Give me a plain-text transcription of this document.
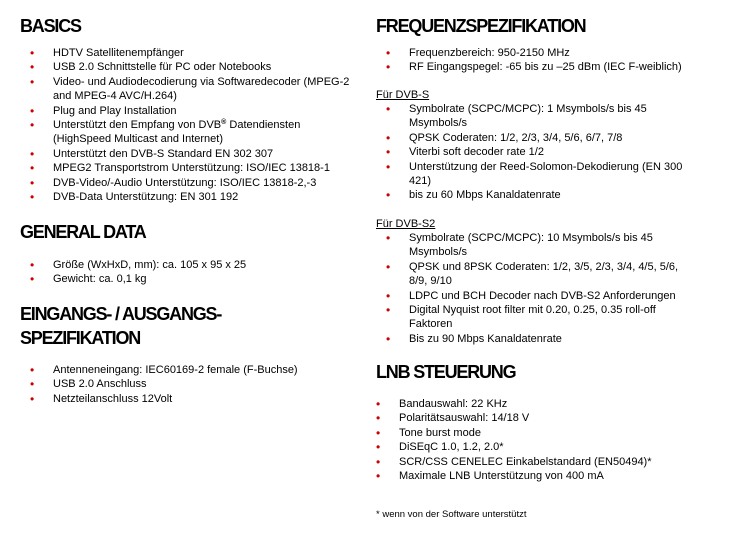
BASICS
• HDTV Satellitenempfänger
• USB 2.0 Schnittstelle für PC oder Notebooks
• Video- und Audiodecodierung via Softwaredecoder (MPEG-2 and MPEG-4 AVC/H.264)
• Plug and Play Installation
• Unterstützt den Empfang von DVB® Datendiensten
(HighSpeed Multicast and Internet)
• Unterstützt den DVB-S Standard EN 302 307
• MPEG2 Transportstrom Unterstützung: ISO/IEC 13818-1
• DVB-Video/-Audio Unterstützung: ISO/IEC 13818-2,-3
• DVB-Data Unterstützung: EN 301 192
GENERAL DATA
• Größe (WxHxD, mm): ca. 105 x 95 x 25
• Gewicht: ca. 0,1 kg
EINGANGS- / AUSGANGS-
SPEZIFIKATION
• Antenneneingang: IEC60169-2 female (F-Buchse)
• USB 2.0 Anschluss
• Netzteilanschluss 12Volt
FREQUENZSPEZIFIKATION
• Frequenzbereich: 950-2150 MHz
• RF Eingangspegel: -65 bis zu –25 dBm (IEC F-weiblich)
Für DVB-S
• Symbolrate (SCPC/MCPC): 1 Msymbols/s bis 45 Msymbols/s
• QPSK Coderaten: 1/2, 2/3, 3/4, 5/6, 6/7, 7/8
• Viterbi soft decoder rate 1/2
• Unterstützung der Reed-Solomon-Dekodierung (EN 300 421)
• bis zu 60 Mbps Kanaldatenrate
Für DVB-S2
• Symbolrate (SCPC/MCPC): 10 Msymbols/s bis 45 Msymbols/s
• QPSK und 8PSK Coderaten: 1/2, 3/5, 2/3, 3/4, 4/5, 5/6, 8/9, 9/10
• LDPC und BCH Decoder nach DVB-S2 Anforderungen
• Digital Nyquist root filter mit 0.20, 0.25, 0.35 roll-off Faktoren
• Bis zu 90 Mbps Kanaldatenrate
LNB STEUERUNG
• Bandauswahl: 22 KHz
• Polaritätsauswahl: 14/18 V
• Tone burst mode
• DiSEqC 1.0, 1.2, 2.0*
• SCR/CSS CENELEC Einkabelstandard (EN50494)*
• Maximale LNB Unterstützung von 400 mA
* wenn von der Software unterstützt
